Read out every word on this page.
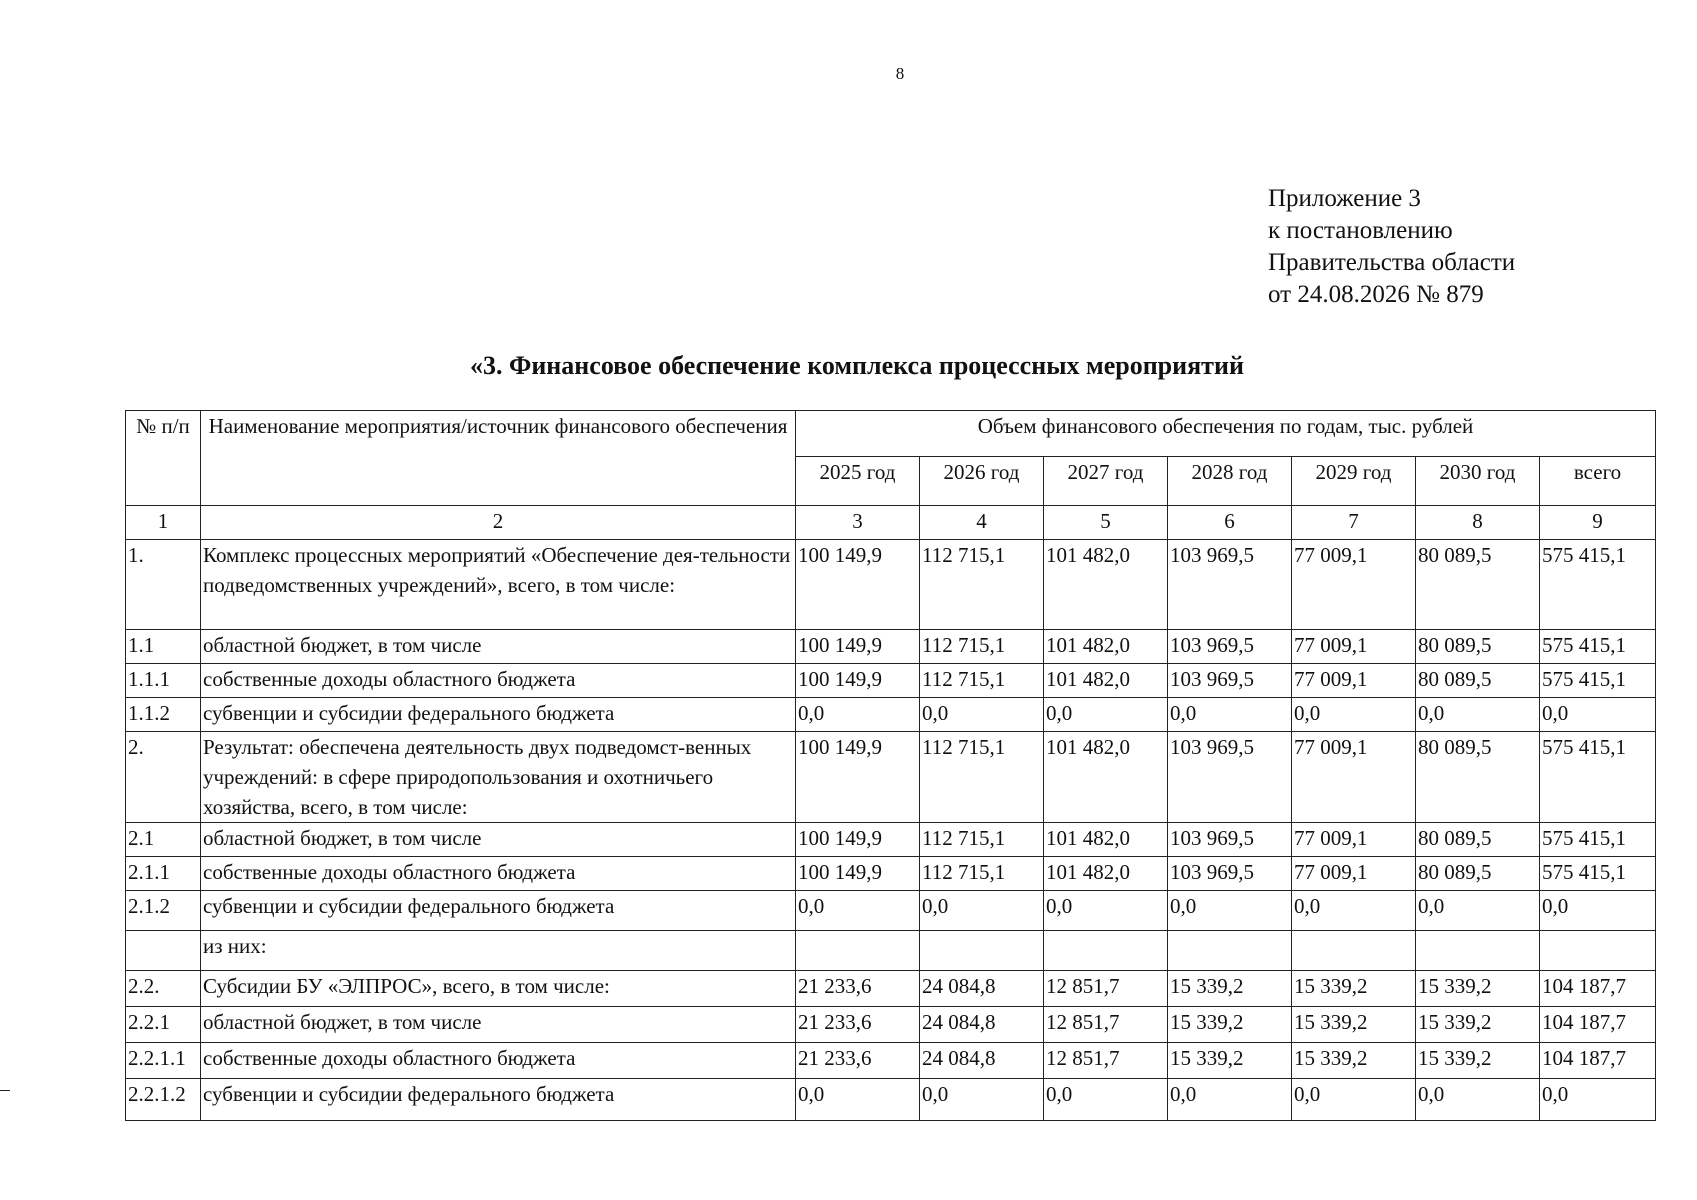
8
Приложение 3
к постановлению
Правительства области
от 24.08.2026 № 879
«3. Финансовое обеспечение комплекса процессных мероприятий
№ п/п	Наименование мероприятия/источник финансового обеспечения	Объем финансового обеспечения по годам, тыс. рублей						
		2025 год	2026 год	2027 год	2028 год	2029 год	2030 год	всего
1	2	3	4	5	6	7	8	9
1.	Комплекс процессных мероприятий «Обеспечение дея-тельности подведомственных учреждений», всего, в том числе:	100 149,9	112 715,1	101 482,0	103 969,5	77 009,1	80 089,5	575 415,1
1.1	областной бюджет, в том числе	100 149,9	112 715,1	101 482,0	103 969,5	77 009,1	80 089,5	575 415,1
1.1.1	собственные доходы областного бюджета	100 149,9	112 715,1	101 482,0	103 969,5	77 009,1	80 089,5	575 415,1
1.1.2	субвенции и субсидии федерального бюджета	0,0	0,0	0,0	0,0	0,0	0,0	0,0
2.	Результат: обеспечена деятельность двух подведомст-венных учреждений: в сфере природопользования и охотничьего хозяйства, всего, в том числе:	100 149,9	112 715,1	101 482,0	103 969,5	77 009,1	80 089,5	575 415,1
2.1	областной бюджет, в том числе	100 149,9	112 715,1	101 482,0	103 969,5	77 009,1	80 089,5	575 415,1
2.1.1	собственные доходы областного бюджета	100 149,9	112 715,1	101 482,0	103 969,5	77 009,1	80 089,5	575 415,1
2.1.2	субвенции и субсидии федерального бюджета	0,0	0,0	0,0	0,0	0,0	0,0	0,0
	из них:							
2.2.	Субсидии БУ «ЭЛПРОС», всего, в том числе:	21 233,6	24 084,8	12 851,7	15 339,2	15 339,2	15 339,2	104 187,7
2.2.1	областной бюджет, в том числе	21 233,6	24 084,8	12 851,7	15 339,2	15 339,2	15 339,2	104 187,7
2.2.1.1	собственные доходы областного бюджета	21 233,6	24 084,8	12 851,7	15 339,2	15 339,2	15 339,2	104 187,7
2.2.1.2	субвенции и субсидии федерального бюджета	0,0	0,0	0,0	0,0	0,0	0,0	0,0
